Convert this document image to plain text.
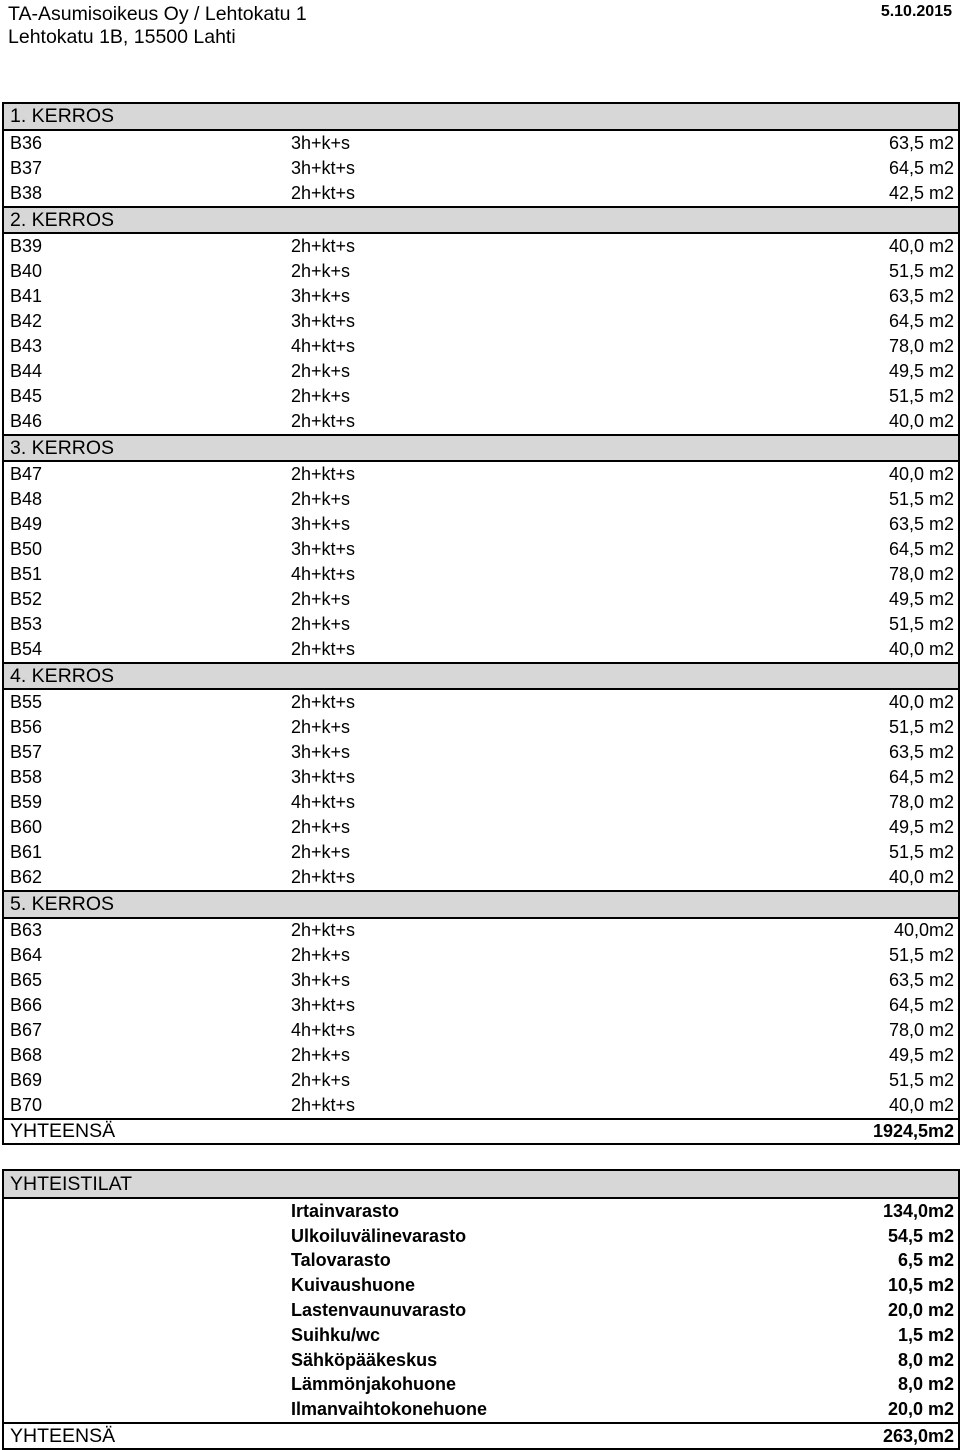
TA-Asumisoikeus Oy / Lehtokatu 1
Lehtokatu 1B, 15500 Lahti
5.10.2015
1. KERROS		
B36	3h+k+s	63,5 m2
B37	3h+kt+s	64,5 m2
B38	2h+kt+s	42,5 m2
2. KERROS		
B39	2h+kt+s	40,0 m2
B40	2h+k+s	51,5 m2
B41	3h+k+s	63,5 m2
B42	3h+kt+s	64,5 m2
B43	4h+kt+s	78,0 m2
B44	2h+k+s	49,5 m2
B45	2h+k+s	51,5 m2
B46	2h+kt+s	40,0 m2
3. KERROS		
B47	2h+kt+s	40,0 m2
B48	2h+k+s	51,5 m2
B49	3h+k+s	63,5 m2
B50	3h+kt+s	64,5 m2
B51	4h+kt+s	78,0 m2
B52	2h+k+s	49,5 m2
B53	2h+k+s	51,5 m2
B54	2h+kt+s	40,0 m2
4. KERROS		
B55	2h+kt+s	40,0 m2
B56	2h+k+s	51,5 m2
B57	3h+k+s	63,5 m2
B58	3h+kt+s	64,5 m2
B59	4h+kt+s	78,0 m2
B60	2h+k+s	49,5 m2
B61	2h+k+s	51,5 m2
B62	2h+kt+s	40,0 m2
5. KERROS		
B63	2h+kt+s	40,0m2
B64	2h+k+s	51,5 m2
B65	3h+k+s	63,5 m2
B66	3h+kt+s	64,5 m2
B67	4h+kt+s	78,0 m2
B68	2h+k+s	49,5 m2
B69	2h+k+s	51,5 m2
B70	2h+kt+s	40,0 m2
YHTEENSÄ		1924,5m2
YHTEISTILAT		
	Irtainvarasto	134,0m2
	Ulkoiluvälinevarasto	54,5 m2
	Talovarasto	6,5 m2
	Kuivaushuone	10,5 m2
	Lastenvaunuvarasto	20,0 m2
	Suihku/wc	1,5 m2
	Sähköpääkeskus	8,0 m2
	Lämmönjakohuone	8,0 m2
	Ilmanvaihtokonehuone	20,0 m2
YHTEENSÄ		263,0m2
